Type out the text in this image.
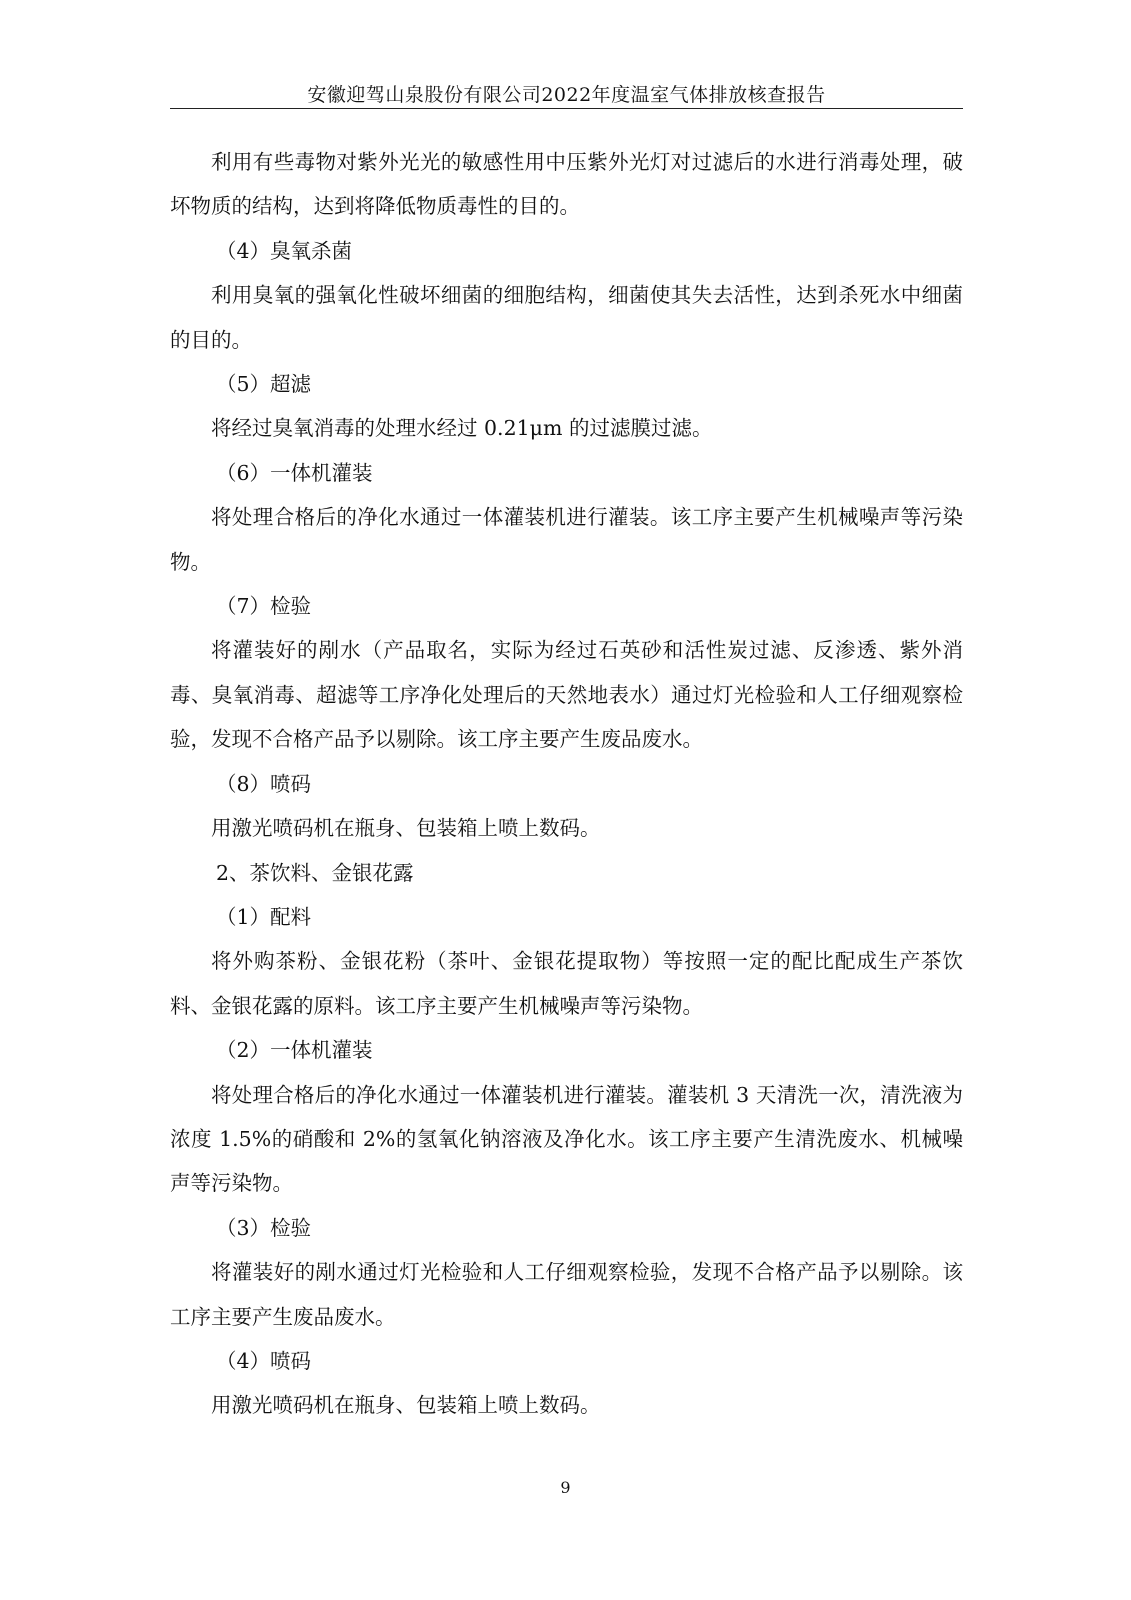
安徽迎驾山泉股份有限公司2022年度温室气体排放核查报告

利用有些毒物对紫外光光的敏感性用中压紫外光灯对过滤后的水进行消毒处理，破坏物质的结构，达到将降低物质毒性的目的。

（4）臭氧杀菌

利用臭氧的强氧化性破坏细菌的细胞结构，细菌使其失去活性，达到杀死水中细菌的目的。

（5）超滤

将经过臭氧消毒的处理水经过 0.21μm 的过滤膜过滤。

（6）一体机灌装

将处理合格后的净化水通过一体灌装机进行灌装。该工序主要产生机械噪声等污染物。

（7）检验

将灌装好的剐水（产品取名，实际为经过石英砂和活性炭过滤、反渗透、紫外消毒、臭氧消毒、超滤等工序净化处理后的天然地表水）通过灯光检验和人工仔细观察检验，发现不合格产品予以剔除。该工序主要产生废品废水。

（8）喷码

用激光喷码机在瓶身、包装箱上喷上数码。

2、茶饮料、金银花露

（1）配料

将外购茶粉、金银花粉（茶叶、金银花提取物）等按照一定的配比配成生产茶饮料、金银花露的原料。该工序主要产生机械噪声等污染物。

（2）一体机灌装

将处理合格后的净化水通过一体灌装机进行灌装。灌装机 3 天清洗一次，清洗液为浓度 1.5%的硝酸和 2%的氢氧化钠溶液及净化水。该工序主要产生清洗废水、机械噪声等污染物。

（3）检验

将灌装好的剐水通过灯光检验和人工仔细观察检验，发现不合格产品予以剔除。该工序主要产生废品废水。

（4）喷码

用激光喷码机在瓶身、包装箱上喷上数码。

9
